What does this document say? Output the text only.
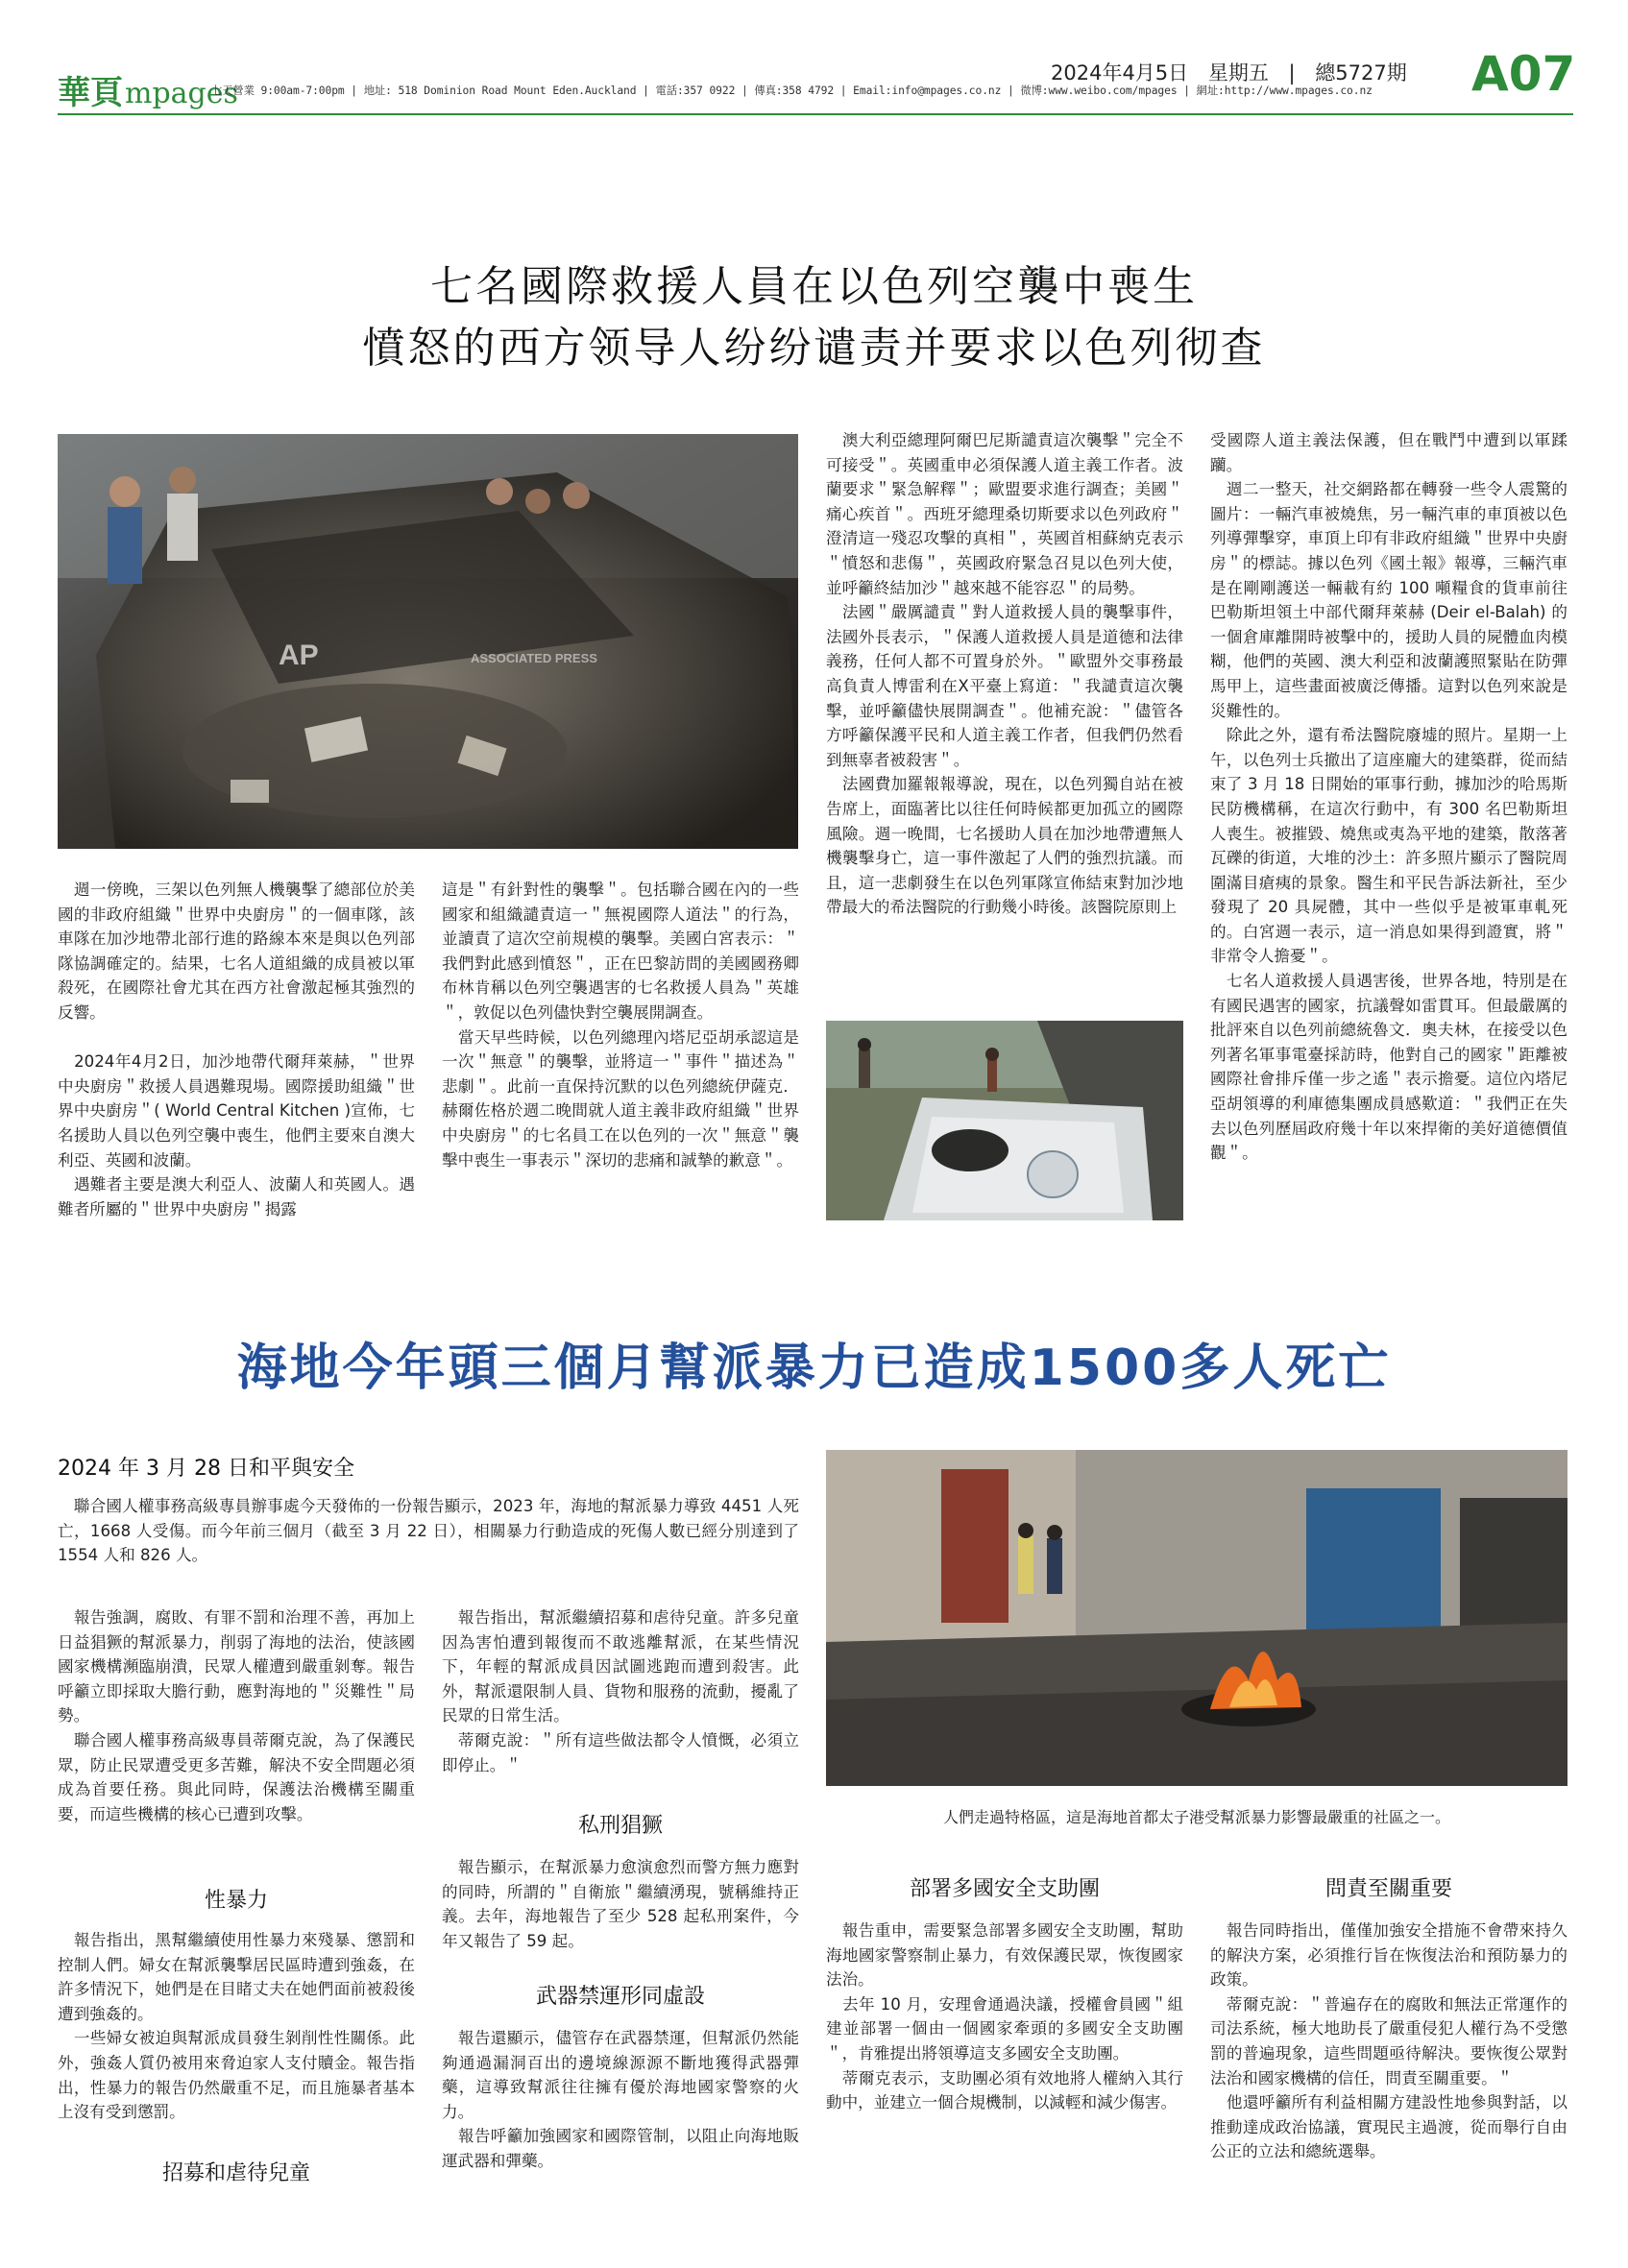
華頁 mpages
七天營業 9:00am-7:00pm | 地址: 518 Dominion Road Mount Eden.Auckland | 電話:357 0922 | 傳真:358 4792 | Email:info@mpages.co.nz | 微博:www.weibo.com/mpages | 網址:http://www.mpages.co.nz
2024年4月5日 星期五 | 總5727期 A07
七名國際救援人員在以色列空襲中喪生
憤怒的西方领导人纷纷谴责并要求以色列彻查
AP	ASSOCIATED PRESS
　週一傍晚，三架以色列無人機襲擊了總部位於美國的非政府組織＂世界中央廚房＂的一個車隊，該車隊在加沙地帶北部行進的路線本來是與以色列部隊協調確定的。結果，七名人道組織的成員被以軍殺死，在國際社會尤其在西方社會激起極其強烈的反響。

　2024年4月2日，加沙地帶代爾拜萊赫，＂世界中央廚房＂救援人員遇難現場。國際援助組織＂世界中央廚房＂( World Central Kitchen )宣佈，七名援助人員以色列空襲中喪生，他們主要來自澳大利亞、英國和波蘭。
　遇難者主要是澳大利亞人、波蘭人和英國人。遇難者所屬的＂世界中央廚房＂揭露
這是＂有針對性的襲擊＂。包括聯合國在內的一些國家和組織譴責這一＂無視國際人道法＂的行為，並讀責了這次空前規模的襲擊。美國白宮表示：＂我們對此感到憤怒＂，正在巴黎訪問的美國國務卿布林肯稱以色列空襲遇害的七名救援人員為＂英雄＂，敦促以色列儘快對空襲展開調查。
　當天早些時候，以色列總理內塔尼亞胡承認這是一次＂無意＂的襲擊，並將這一＂事件＂描述為＂悲劇＂。此前一直保持沉默的以色列總統伊薩克．赫爾佐格於週二晚間就人道主義非政府組織＂世界中央廚房＂的七名員工在以色列的一次＂無意＂襲擊中喪生一事表示＂深切的悲痛和誠摯的歉意＂。
　澳大利亞總理阿爾巴尼斯譴責這次襲擊＂完全不可接受＂。英國重申必須保護人道主義工作者。波蘭要求＂緊急解釋＂；歐盟要求進行調查；美國＂痛心疾首＂。西班牙總理桑切斯要求以色列政府＂澄清這一殘忍攻擊的真相＂，英國首相蘇納克表示＂憤怒和悲傷＂，英國政府緊急召見以色列大使，並呼籲終結加沙＂越來越不能容忍＂的局勢。
　法國＂嚴厲譴責＂對人道救援人員的襲擊事件，法國外長表示，＂保護人道救援人員是道德和法律義務，任何人都不可置身於外。＂歐盟外交事務最高負責人博雷利在X平臺上寫道：＂我譴責這次襲擊，並呼籲儘快展開調查＂。他補充說：＂儘管各方呼籲保護平民和人道主義工作者，但我們仍然看到無辜者被殺害＂。
　法國費加羅報報導說，現在，以色列獨自站在被告席上，面臨著比以往任何時候都更加孤立的國際風險。週一晚間，七名援助人員在加沙地帶遭無人機襲擊身亡，這一事件激起了人們的強烈抗議。而且，這一悲劇發生在以色列軍隊宣佈結束對加沙地帶最大的希法醫院的行動幾小時後。該醫院原則上
受國際人道主義法保護，但在戰鬥中遭到以軍蹂躪。
　週二一整天，社交網路都在轉發一些令人震驚的圖片：一輛汽車被燒焦，另一輛汽車的車頂被以色列導彈擊穿，車頂上印有非政府組織＂世界中央廚房＂的標誌。據以色列《國土報》報導，三輛汽車是在剛剛護送一輛載有約 100 噸糧食的貨車前往巴勒斯坦領土中部代爾拜萊赫 (Deir el-Balah) 的一個倉庫離開時被擊中的，援助人員的屍體血肉模糊，他們的英國、澳大利亞和波蘭護照緊貼在防彈馬甲上，這些畫面被廣泛傳播。這對以色列來說是災難性的。
　除此之外，還有希法醫院廢墟的照片。星期一上午，以色列士兵撤出了這座龐大的建築群，從而結束了 3 月 18 日開始的軍事行動，據加沙的哈馬斯民防機構稱，在這次行動中，有 300 名巴勒斯坦人喪生。被摧毀、燒焦或夷為平地的建築，散落著瓦礫的街道，大堆的沙土：許多照片顯示了醫院周圍滿目瘡痍的景象。醫生和平民告訴法新社，至少發現了 20 具屍體，其中一些似乎是被軍車軋死的。白宮週一表示，這一消息如果得到證實，將＂非常令人擔憂＂。
　七名人道救援人員遇害後，世界各地，特別是在有國民遇害的國家，抗議聲如雷貫耳。但最嚴厲的批評來自以色列前總統魯文．奧夫林，在接受以色列著名軍事電臺採訪時，他對自己的國家＂距離被國際社會排斥僅一步之遙＂表示擔憂。這位內塔尼亞胡領導的利庫德集團成員感歎道：＂我們正在失去以色列歷屆政府幾十年以來捍衛的美好道德價值觀＂。
海地今年頭三個月幫派暴力已造成1500多人死亡
2024 年 3 月 28 日和平與安全
　聯合國人權事務高級專員辦事處今天發佈的一份報告顯示，2023 年，海地的幫派暴力導致 4451 人死亡，1668 人受傷。而今年前三個月（截至 3 月 22 日），相關暴力行動造成的死傷人數已經分別達到了 1554 人和 826 人。
　報告強調，腐敗、有罪不罰和治理不善，再加上日益猖獗的幫派暴力，削弱了海地的法治，使該國國家機構瀕臨崩潰，民眾人權遭到嚴重剝奪。報告呼籲立即採取大膽行動，應對海地的＂災難性＂局勢。
　聯合國人權事務高級專員蒂爾克說，為了保護民眾，防止民眾遭受更多苦難，解決不安全問題必須成為首要任務。與此同時，保護法治機構至關重要，而這些機構的核心已遭到攻擊。
性暴力
　報告指出，黑幫繼續使用性暴力來殘暴、懲罰和控制人們。婦女在幫派襲擊居民區時遭到強姦，在許多情況下，她們是在目睹丈夫在她們面前被殺後遭到強姦的。
　一些婦女被迫與幫派成員發生剝削性性關係。此外，強姦人質仍被用來脅迫家人支付贖金。報告指出，性暴力的報告仍然嚴重不足，而且施暴者基本上沒有受到懲罰。
招募和虐待兒童
　報告指出，幫派繼續招募和虐待兒童。許多兒童因為害怕遭到報復而不敢逃離幫派，在某些情況下，年輕的幫派成員因試圖逃跑而遭到殺害。此外，幫派還限制人員、貨物和服務的流動，擾亂了民眾的日常生活。
　蒂爾克說：＂所有這些做法都令人憤慨，必須立即停止。＂
私刑猖獗
　報告顯示，在幫派暴力愈演愈烈而警方無力應對的同時，所謂的＂自衛旅＂繼續湧現，號稱維持正義。去年，海地報告了至少 528 起私刑案件，今年又報告了 59 起。
武器禁運形同虛設
　報告還顯示，儘管存在武器禁運，但幫派仍然能夠通過漏洞百出的邊境線源源不斷地獲得武器彈藥，這導致幫派往往擁有優於海地國家警察的火力。
　報告呼籲加強國家和國際管制，以阻止向海地販運武器和彈藥。
人們走過特格區，這是海地首都太子港受幫派暴力影響最嚴重的社區之一。
部署多國安全支助團
　報告重申，需要緊急部署多國安全支助團，幫助海地國家警察制止暴力，有效保護民眾，恢復國家法治。
　去年 10 月，安理會通過決議，授權會員國＂組建並部署一個由一個國家牽頭的多國安全支助團＂，肯雅提出將領導這支多國安全支助團。
　蒂爾克表示，支助團必須有效地將人權納入其行動中，並建立一個合規機制，以減輕和減少傷害。
問責至關重要
　報告同時指出，僅僅加強安全措施不會帶來持久的解決方案，必須推行旨在恢復法治和預防暴力的政策。
　蒂爾克說：＂普遍存在的腐敗和無法正常運作的司法系統，極大地助長了嚴重侵犯人權行為不受懲罰的普遍現象，這些問題亟待解決。要恢復公眾對法治和國家機構的信任，問責至關重要。＂
　他還呼籲所有利益相關方建設性地參與對話，以推動達成政治協議，實現民主過渡，從而舉行自由公正的立法和總統選舉。
